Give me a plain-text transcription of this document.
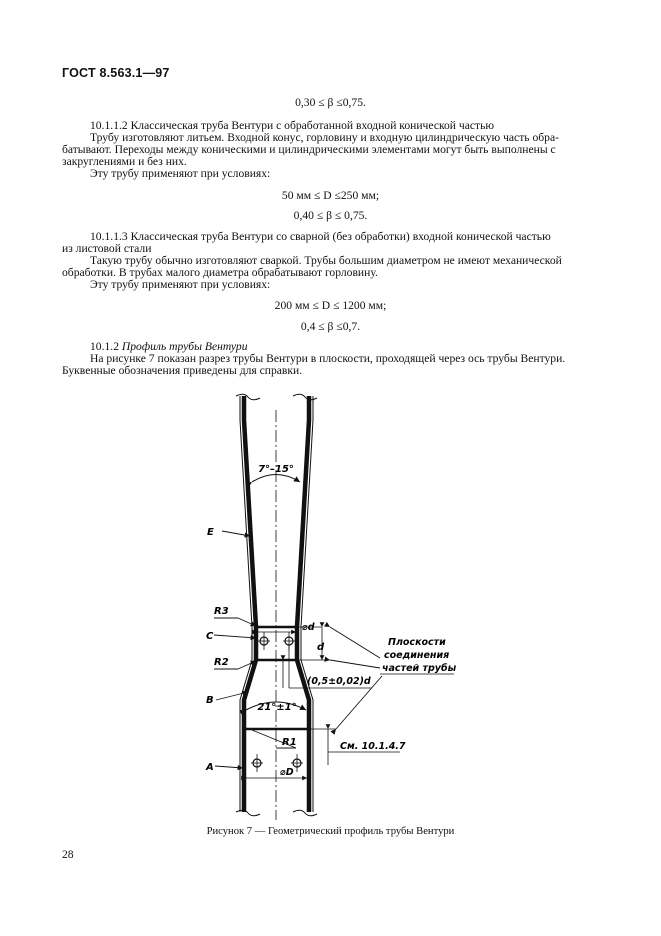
ГОСТ 8.563.1—97
0,30 ≤ β ≤0,75.
10.1.1.2 Классическая труба Вентури с обработанной входной конической частью
Трубу изготовляют литьем. Входной конус, горловину и входную цилиндрическую часть обра-
батывают. Переходы между коническими и цилиндрическими элементами могут быть выполнены с
закруглениями и без них.
Эту трубу применяют при условиях:
50 мм ≤ D ≤250 мм;
0,40 ≤ β ≤ 0,75.
10.1.1.3 Классическая труба Вентури со сварной (без обработки) входной конической частью
из листовой стали
Такую трубу обычно изготовляют сваркой. Трубы большим диаметром не имеют механической
обработки. В трубах малого диаметра обрабатывают горловину.
Эту трубу применяют при условиях:
200 мм ≤ D ≤ 1200 мм;
0,4 ≤ β ≤0,7.
10.1.2 Профиль трубы Вентури
На рисунке 7 показан разрез трубы Вентури в плоскости, проходящей через ось трубы Вентури.
Буквенные обозначения приведены для справки.
7°–15°
21°±1°
E
R3
C
R2
B
A
R1
⌀d
d
(0,5±0,02)d
Плоскости
соединения
частей трубы
См. 10.1.4.7
⌀D
Рисунок 7 — Геометрический профиль трубы Вентури
28
